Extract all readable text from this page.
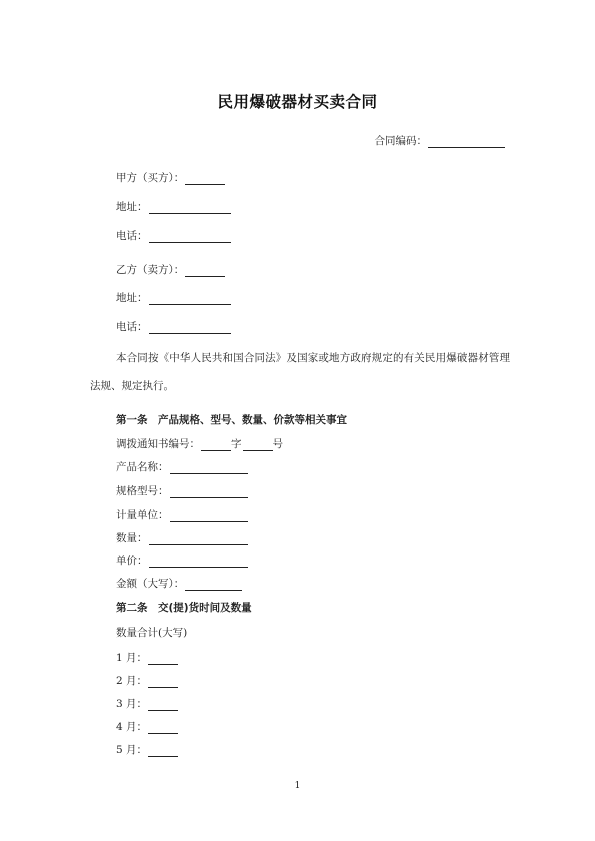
民用爆破器材买卖合同
合同编码：
甲方（买方）：
地址：
电话：
乙方（卖方）：
地址：
电话：
本合同按《中华人民共和国合同法》及国家或地方政府规定的有关民用爆破器材管理法规、规定执行。
第一条　产品规格、型号、数量、价款等相关事宜
调拨通知书编号：	字	号
产品名称：
规格型号：
计量单位：
数量：
单价：
金额（大写）：
第二条　交(提)货时间及数量
数量合计(大写)
1 月：
2 月：
3 月：
4 月：
5 月：
1
